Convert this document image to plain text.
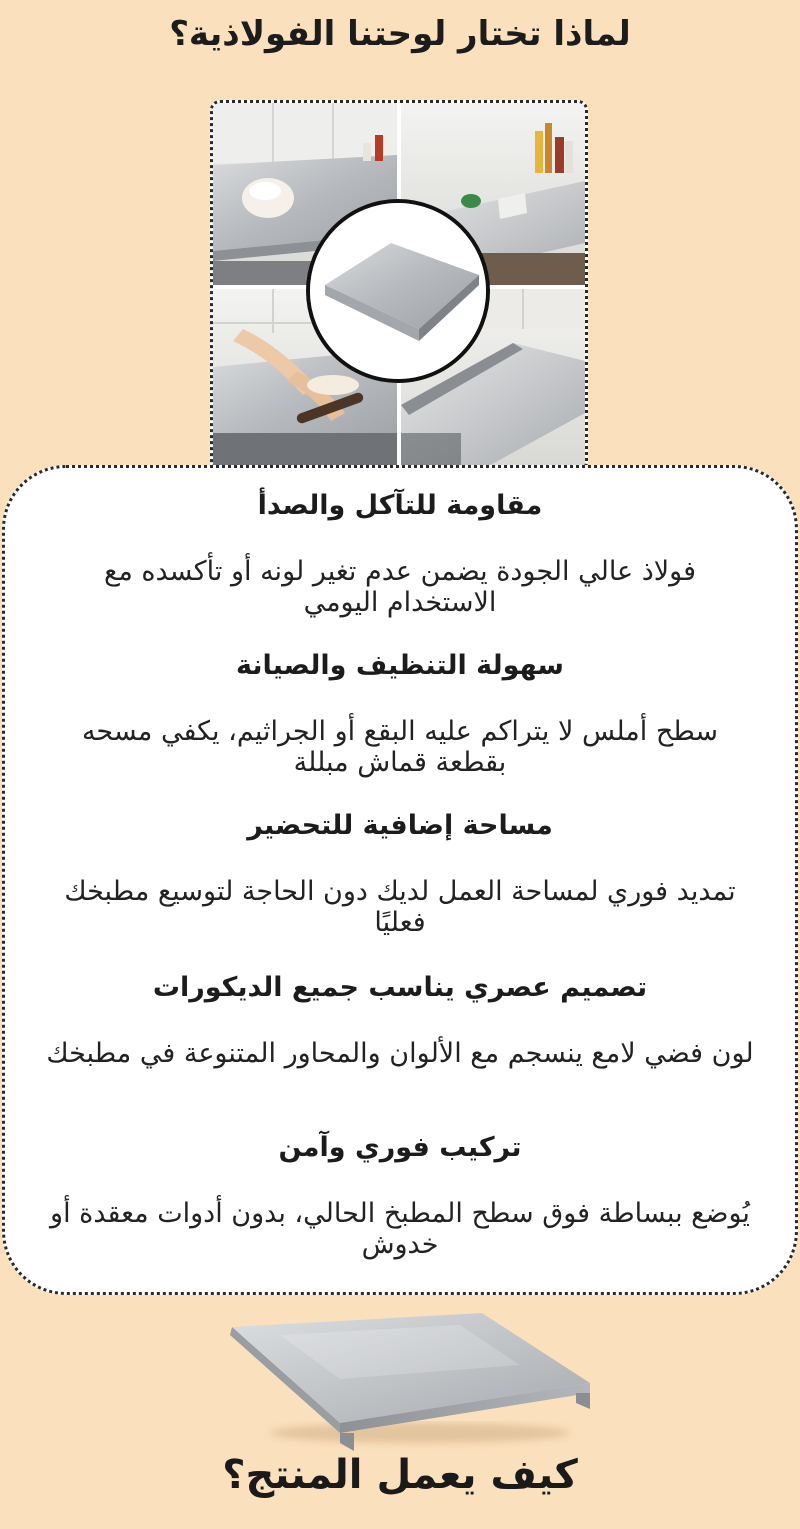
لماذا تختار لوحتنا الفولاذية؟
مقاومة للتآكل والصدأ

فولاذ عالي الجودة يضمن عدم تغير لونه أو تأكسده مع الاستخدام اليومي

سهولة التنظيف والصيانة

سطح أملس لا يتراكم عليه البقع أو الجراثيم، يكفي مسحه بقطعة قماش مبللة

مساحة إضافية للتحضير

تمديد فوري لمساحة العمل لديك دون الحاجة لتوسيع مطبخك فعليًا

تصميم عصري يناسب جميع الديكورات

لون فضي لامع ينسجم مع الألوان والمحاور المتنوعة في مطبخك

تركيب فوري وآمن

يُوضع ببساطة فوق سطح المطبخ الحالي، بدون أدوات معقدة أو خدوش

كيف يعمل المنتج؟
